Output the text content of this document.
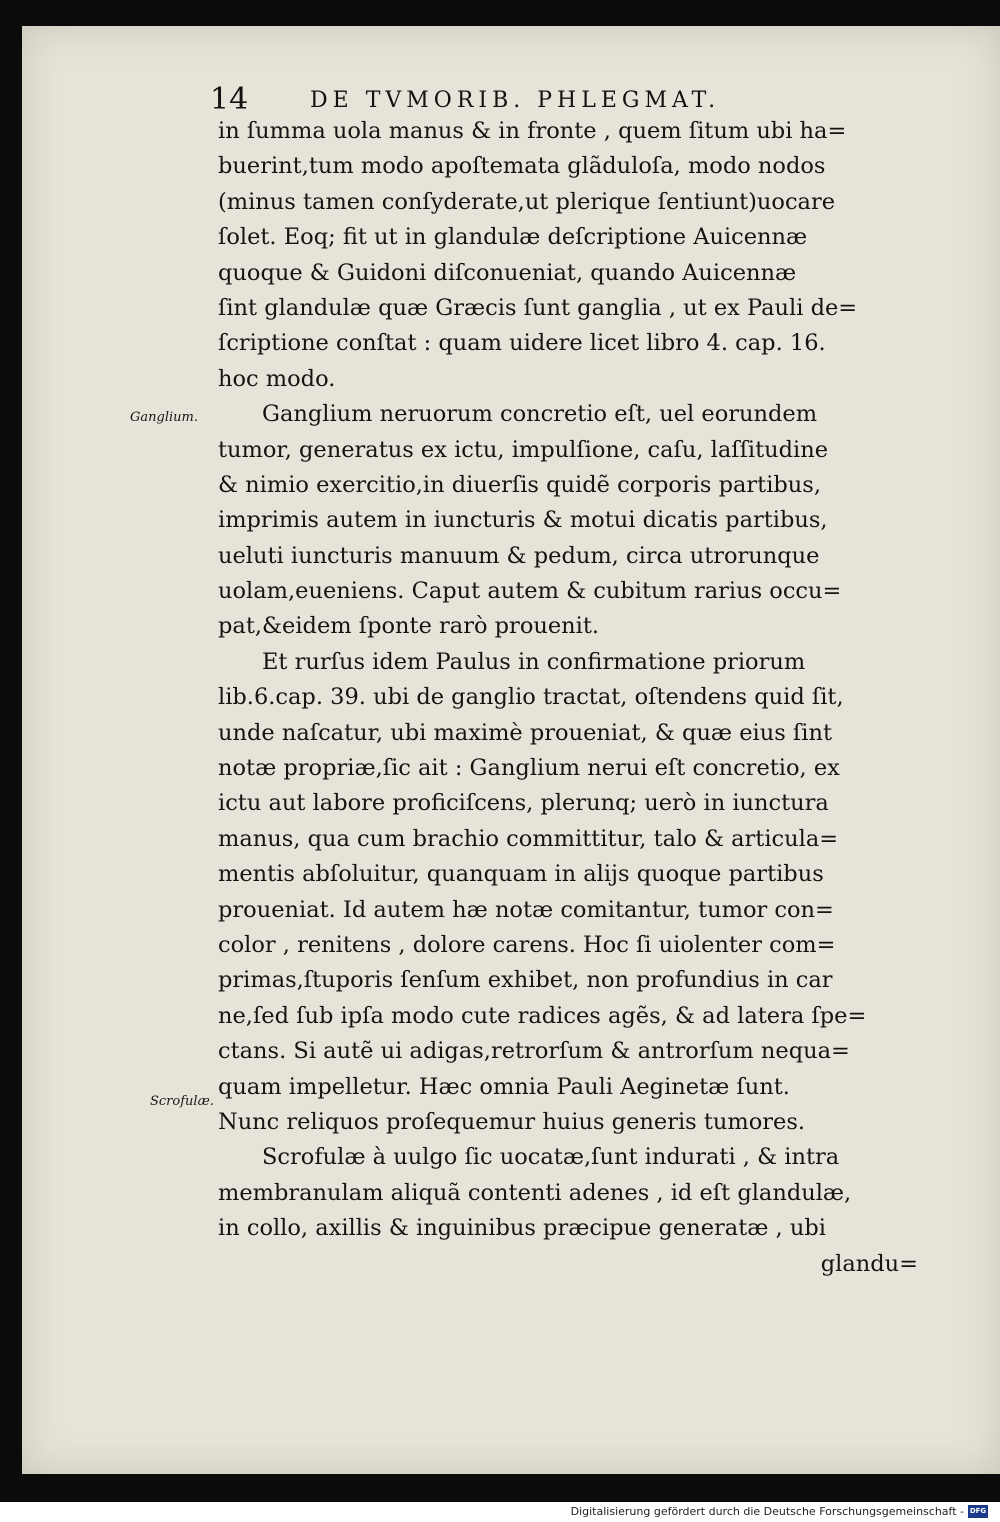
14	DE TVMORIB. PHLEGMAT.
Ganglium.
Scrofulæ.
in ſumma uola manus & in fronte , quem ſitum ubi ha=
buerint,tum modo apoſtemata glãdulоſa, modo nodos
(minus tamen conſyderate,ut plerique ſentiunt)uocare
ſolet. Eoq; fit ut in glandulæ deſcriptione Auicennæ
quoque & Guidoni diſconueniat, quando Auicennæ
ſint glandulæ quæ Græcis ſunt ganglia , ut ex Pauli de=
ſcriptione conſtat : quam uidere licet libro 4. cap. 16.
hoc modo.
Ganglium neruorum concretio eſt, uel eorundem
tumor, generatus ex ictu, impulſione, caſu, laſſitudine
& nimio exercitio,in diuerſis quidẽ corporis partibus,
imprimis autem in iuncturis & motui dicatis partibus,
ueluti iuncturis manuum & pedum, circa utrorunque
uolam,eueniens. Caput autem & cubitum rarius occu=
pat,&eidem ſponte rarò prouenit.
Et rurſus idem Paulus in confirmatione priorum
lib.6.cap. 39. ubi de ganglio tractat, oſtendens quid ſit,
unde naſcatur, ubi maximè proueniat, & quæ eius ſint
notæ propriæ,ſic ait : Ganglium nerui eſt concretio, ex
ictu aut labore proficiſcens, plerunq; uerò in iunctura
manus, qua cum brachio committitur, talo & articula=
mentis abſoluitur, quanquam in alijs quoque partibus
proueniat. Id autem hæ notæ comitantur, tumor con=
color , renitens , dolore carens. Hoc ſi uiolenter com=
primas,ſtuporis ſenſum exhibet, non profundius in car
ne,ſed ſub ipſa modo cute radices agẽs, & ad latera ſpe=
ctans. Si autẽ ui adigas,retrorſum & antrorſum nequa=
quam impelletur. Hæc omnia Pauli Aeginetæ ſunt.
Nunc reliquos proſequemur huius generis tumores.
Scrofulæ à uulgo ſic uocatæ,ſunt indurati , & intra
membranulam aliquã contenti adenes , id eſt glandulæ,
in collo, axillis & inguinibus præcipue generatæ , ubi
glandu=
Digitalisierung gefördert durch die Deutsche Forschungsgemeinschaft - DFG
